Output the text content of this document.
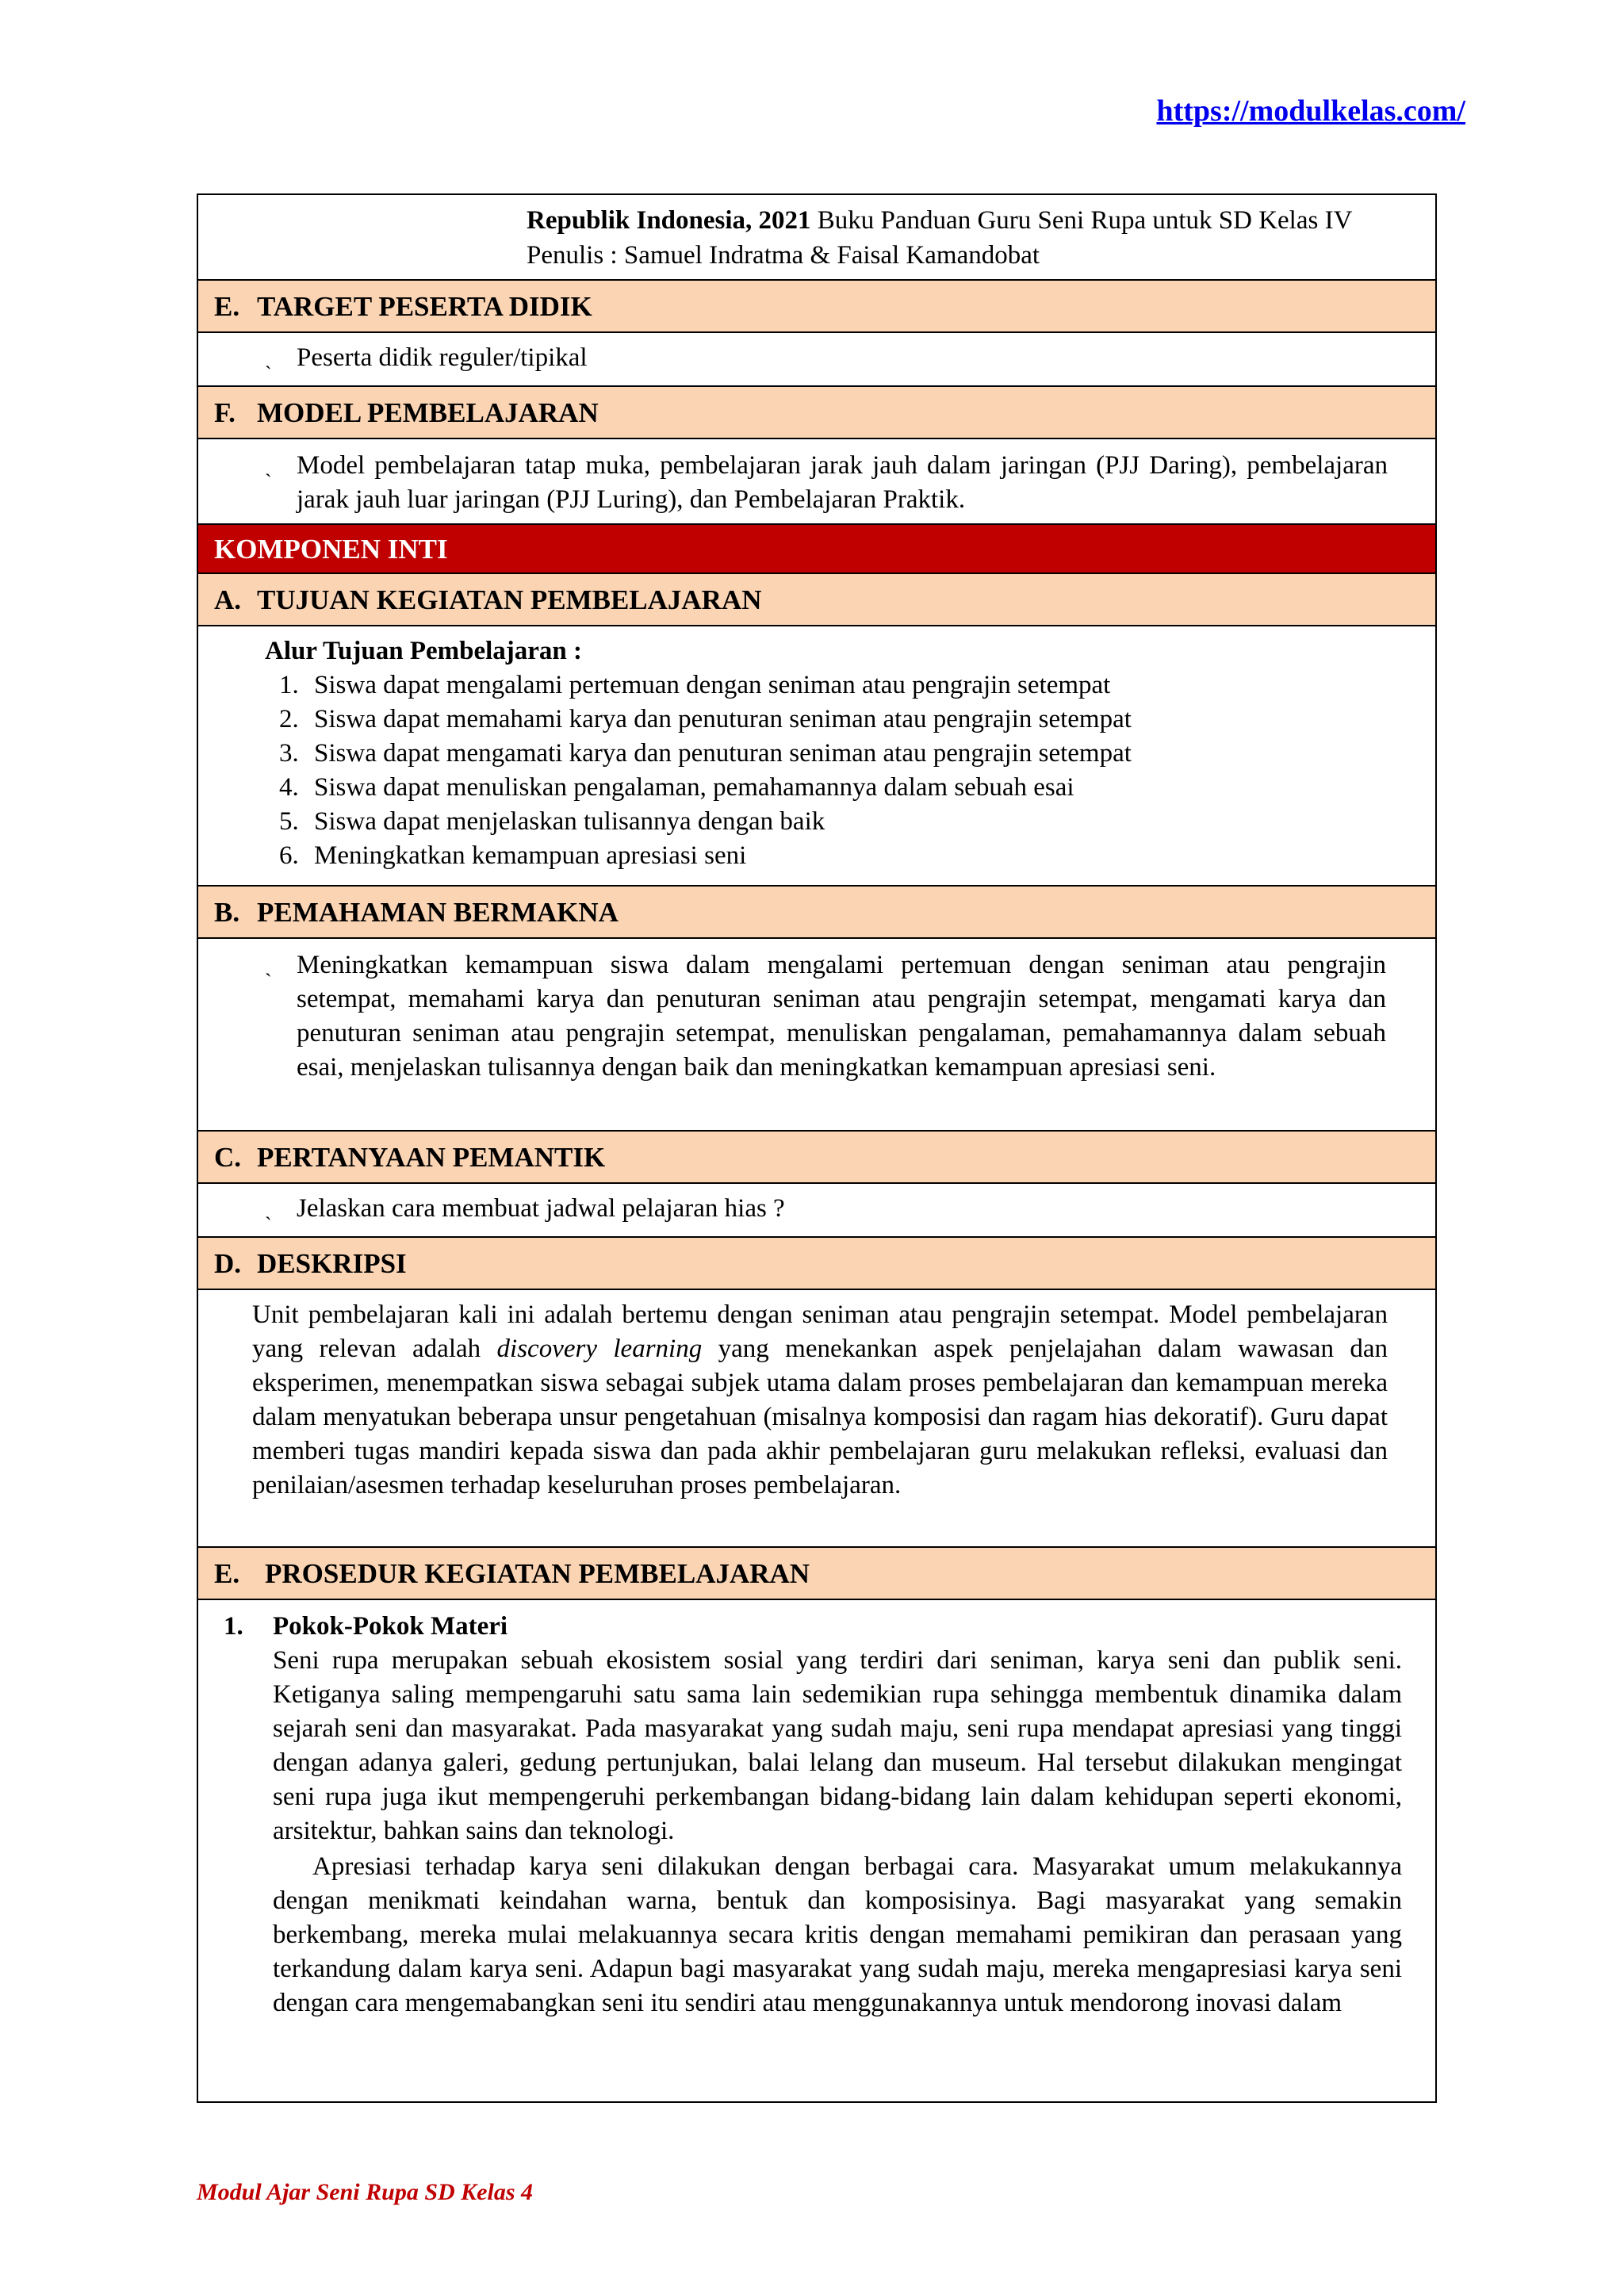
https://modulkelas.com/
Republik Indonesia, 2021 Buku Panduan Guru Seni Rupa untuk SD Kelas IV Penulis : Samuel Indratma & Faisal Kamandobat
E. TARGET PESERTA DIDIK
ˏ Peserta didik reguler/tipikal
F. MODEL PEMBELAJARAN
ˏ Model pembelajaran tatap muka, pembelajaran jarak jauh dalam jaringan (PJJ Daring), pembelajaran jarak jauh luar jaringan (PJJ Luring), dan Pembelajaran Praktik.
KOMPONEN INTI
A. TUJUAN KEGIATAN PEMBELAJARAN
Alur Tujuan Pembelajaran :
1. Siswa dapat mengalami pertemuan dengan seniman atau pengrajin setempat
2. Siswa dapat memahami karya dan penuturan seniman atau pengrajin setempat
3. Siswa dapat mengamati karya dan penuturan seniman atau pengrajin setempat
4. Siswa dapat menuliskan pengalaman, pemahamannya dalam sebuah esai
5. Siswa dapat menjelaskan tulisannya dengan baik
6. Meningkatkan kemampuan apresiasi seni
B. PEMAHAMAN BERMAKNA
ˏ Meningkatkan kemampuan siswa dalam mengalami pertemuan dengan seniman atau pengrajin setempat, memahami karya dan penuturan seniman atau pengrajin setempat, mengamati karya dan penuturan seniman atau pengrajin setempat, menuliskan pengalaman, pemahamannya dalam sebuah esai, menjelaskan tulisannya dengan baik dan meningkatkan kemampuan apresiasi seni.
C. PERTANYAAN PEMANTIK
ˏ Jelaskan cara membuat jadwal pelajaran hias ?
D. DESKRIPSI
Unit pembelajaran kali ini adalah bertemu dengan seniman atau pengrajin setempat. Model pembelajaran yang relevan adalah discovery learning yang menekankan aspek penjelajahan dalam wawasan dan eksperimen, menempatkan siswa sebagai subjek utama dalam proses pembelajaran dan kemampuan mereka dalam menyatukan beberapa unsur pengetahuan (misalnya komposisi dan ragam hias dekoratif). Guru dapat memberi tugas mandiri kepada siswa dan pada akhir pembelajaran guru melakukan refleksi, evaluasi dan penilaian/asesmen terhadap keseluruhan proses pembelajaran.
E. PROSEDUR KEGIATAN PEMBELAJARAN
1. Pokok-Pokok Materi
Seni rupa merupakan sebuah ekosistem sosial yang terdiri dari seniman, karya seni dan publik seni. Ketiganya saling mempengaruhi satu sama lain sedemikian rupa sehingga membentuk dinamika dalam sejarah seni dan masyarakat. Pada masyarakat yang sudah maju, seni rupa mendapat apresiasi yang tinggi dengan adanya galeri, gedung pertunjukan, balai lelang dan museum. Hal tersebut dilakukan mengingat seni rupa juga ikut mempengeruhi perkembangan bidang-bidang lain dalam kehidupan seperti ekonomi, arsitektur, bahkan sains dan teknologi.
Apresiasi terhadap karya seni dilakukan dengan berbagai cara. Masyarakat umum melakukannya dengan menikmati keindahan warna, bentuk dan komposisinya. Bagi masyarakat yang semakin berkembang, mereka mulai melakuannya secara kritis dengan memahami pemikiran dan perasaan yang terkandung dalam karya seni. Adapun bagi masyarakat yang sudah maju, mereka mengapresiasi karya seni dengan cara mengemabangkan seni itu sendiri atau menggunakannya untuk mendorong inovasi dalam
Modul Ajar Seni Rupa SD Kelas 4
